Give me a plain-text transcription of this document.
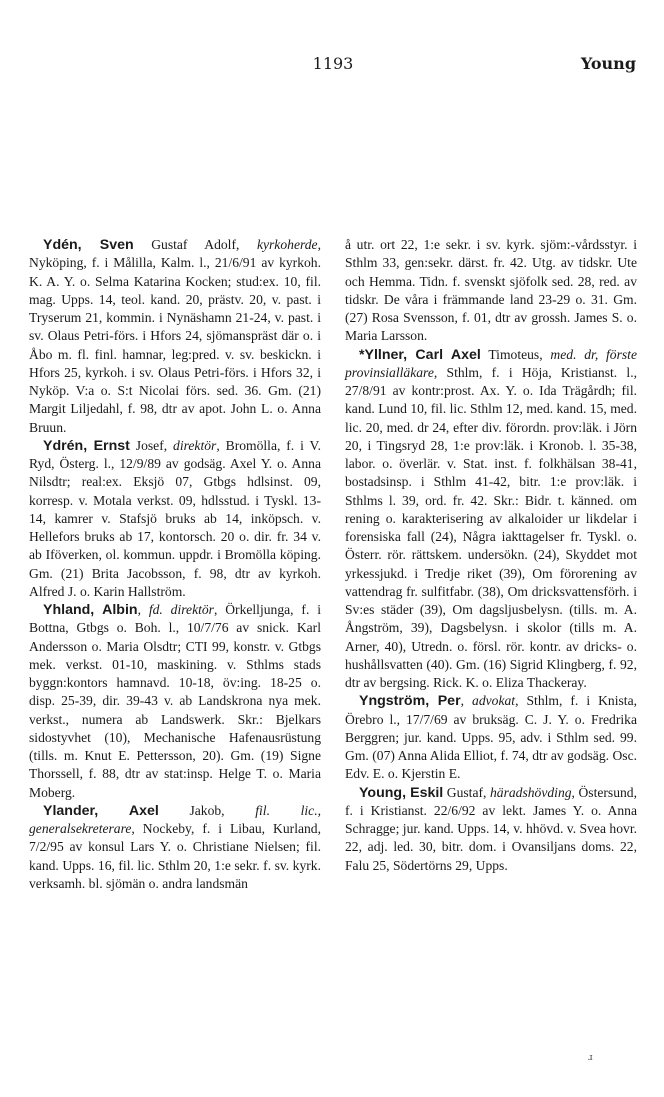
1193	Young

Ydén, Sven Gustaf Adolf, kyrkoherde, Nyköping, f. i Målilla, Kalm. l., 21/6/91 av kyrkoh. K. A. Y. o. Selma Katarina Kocken; stud:ex. 10, fil. mag. Upps. 14, teol. kand. 20, prästv. 20, v. past. i Tryserum 21, kommin. i Nynäshamn 21-24, v. past. i sv. Olaus Petri-förs. i Hfors 24, sjömanspräst där o. i Åbo m. fl. finl. hamnar, leg:pred. v. sv. beskickn. i Hfors 25, kyrkoh. i sv. Olaus Petri-förs. i Hfors 32, i Nyköp. V:a o. S:t Nicolai förs. sed. 36. Gm. (21) Margit Liljedahl, f. 98, dtr av apot. John L. o. Anna Bruun.

Ydrén, Ernst Josef, direktör, Bromölla, f. i V. Ryd, Österg. l., 12/9/89 av godsäg. Axel Y. o. Anna Nilsdtr; real:ex. Eksjö 07, Gtbgs hdlsinst. 09, korresp. v. Motala verkst. 09, hdlsstud. i Tyskl. 13-14, kamrer v. Stafsjö bruks ab 14, inköpsch. v. Hellefors bruks ab 17, kontorsch. 20 o. dir. fr. 34 v. ab Iföverken, ol. kommun. uppdr. i Bromölla köping. Gm. (21) Brita Jacobsson, f. 98, dtr av kyrkoh. Alfred J. o. Karin Hallström.

Yhland, Albin, fd. direktör, Örkelljunga, f. i Bottna, Gtbgs o. Boh. l., 10/7/76 av snick. Karl Andersson o. Maria Olsdtr; CTI 99, konstr. v. Gtbgs mek. verkst. 01-10, maskining. v. Sthlms stads byggn:kontors hamnavd. 10-18, öv:ing. 18-25 o. disp. 25-39, dir. 39-43 v. ab Landskrona nya mek. verkst., numera ab Landswerk. Skr.: Bjelkars sidostyvhet (10), Mechanische Hafenausrüstung (tills. m. Knut E. Pettersson, 20). Gm. (19) Signe Thorssell, f. 88, dtr av stat:insp. Helge T. o. Maria Moberg.

Ylander, Axel Jakob, fil. lic., generalsekreterare, Nockeby, f. i Libau, Kurland, 7/2/95 av konsul Lars Y. o. Christiane Nielsen; fil. kand. Upps. 16, fil. lic. Sthlm 20, 1:e sekr. f. sv. kyrk. verksamh. bl. sjömän o. andra landsmän

å utr. ort 22, 1:e sekr. i sv. kyrk. sjöm:-vårdsstyr. i Sthlm 33, gen:sekr. därst. fr. 42. Utg. av tidskr. Ute och Hemma. Tidn. f. svenskt sjöfolk sed. 28, red. av tidskr. De våra i främmande land 23-29 o. 31. Gm. (27) Rosa Svensson, f. 01, dtr av grossh. James S. o. Maria Larsson.

*Yllner, Carl Axel Timoteus, med. dr, förste provinsialläkare, Sthlm, f. i Höja, Kristianst. l., 27/8/91 av kontr:prost. Ax. Y. o. Ida Trägårdh; fil. kand. Lund 10, fil. lic. Sthlm 12, med. kand. 15, med. lic. 20, med. dr 24, efter div. förordn. prov:läk. i Jörn 20, i Tingsryd 28, 1:e prov:läk. i Kronob. l. 35-38, labor. o. överlär. v. Stat. inst. f. folkhälsan 38-41, bostadsinsp. i Sthlm 41-42, bitr. 1:e prov:läk. i Sthlms l. 39, ord. fr. 42. Skr.: Bidr. t. känned. om rening o. karakterisering av alkaloider ur likdelar i forensiska fall (24), Några iakttagelser fr. Tyskl. o. Österr. rör. rättskem. undersökn. (24), Skyddet mot yrkessjukd. i Tredje riket (39), Om förorening av vattendrag fr. sulfitfabr. (38), Om dricksvattensförh. i Sv:es städer (39), Om dagsljusbelysn. (tills. m. A. Ångström, 39), Dagsbelysn. i skolor (tills m. A. Arner, 40), Utredn. o. försl. rör. kontr. av dricks- o. hushållsvatten (40). Gm. (16) Sigrid Klingberg, f. 92, dtr av bergsing. Rick. K. o. Eliza Thackeray.

Yngström, Per, advokat, Sthlm, f. i Knista, Örebro l., 17/7/69 av bruksäg. C. J. Y. o. Fredrika Berggren; jur. kand. Upps. 95, adv. i Sthlm sed. 99. Gm. (07) Anna Alida Elliot, f. 74, dtr av godsäg. Osc. Edv. E. o. Kjerstin E.

Young, Eskil Gustaf, häradshövding, Östersund, f. i Kristianst. 22/6/92 av lekt. James Y. o. Anna Schragge; jur. kand. Upps. 14, v. hhövd. v. Sveа hovr. 22, adj. led. 30, bitr. dom. i Ovansiljans doms. 22, Falu 25, Södertörns 29, Upps.

ɹ
